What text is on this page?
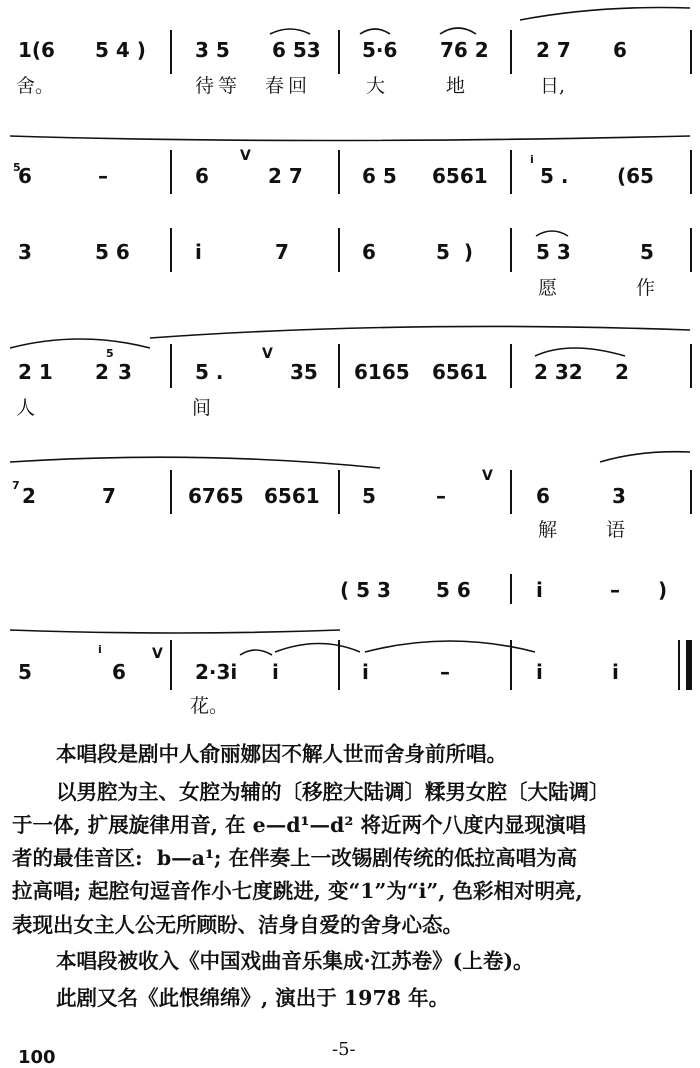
1(6 5 4 ) 3 5 6 53 5·6 76 2 2 7 6
舍。	待等 春回	大	地	日,
5
6	–	6
V
2 7	6 5 6561
i
5 . (65
3	5 6	i	7	6	5  )	5 3	5
愿	作
2 1 2
5
3	5 .
V
35 6165 6561 2 32 2
人	间
7 2	7	6765 6561 5	–
V
6	3
解	语
( 5 3 5 6	i	– )
5
i
6
V
2·3i i	i	–	i	i
花。
本唱段是剧中人俞丽娜因不解人世而舍身前所唱。
以男腔为主、女腔为辅的〔移腔大陆调〕糅男女腔〔大陆调〕
于一体, 扩展旋律用音, 在 e—d¹—d² 将近两个八度内显现演唱
者的最佳音区:  b—a¹; 在伴奏上一改锡剧传统的低拉高唱为高
拉高唱; 起腔句逗音作小七度跳进, 变“1”为“i”, 色彩相对明亮,
表现出女主人公无所顾盼、洁身自爱的舍身心态。
本唱段被收入《中国戏曲音乐集成·江苏卷》(上卷)。
此剧又名《此恨绵绵》, 演出于 1978 年。
100	-5-
